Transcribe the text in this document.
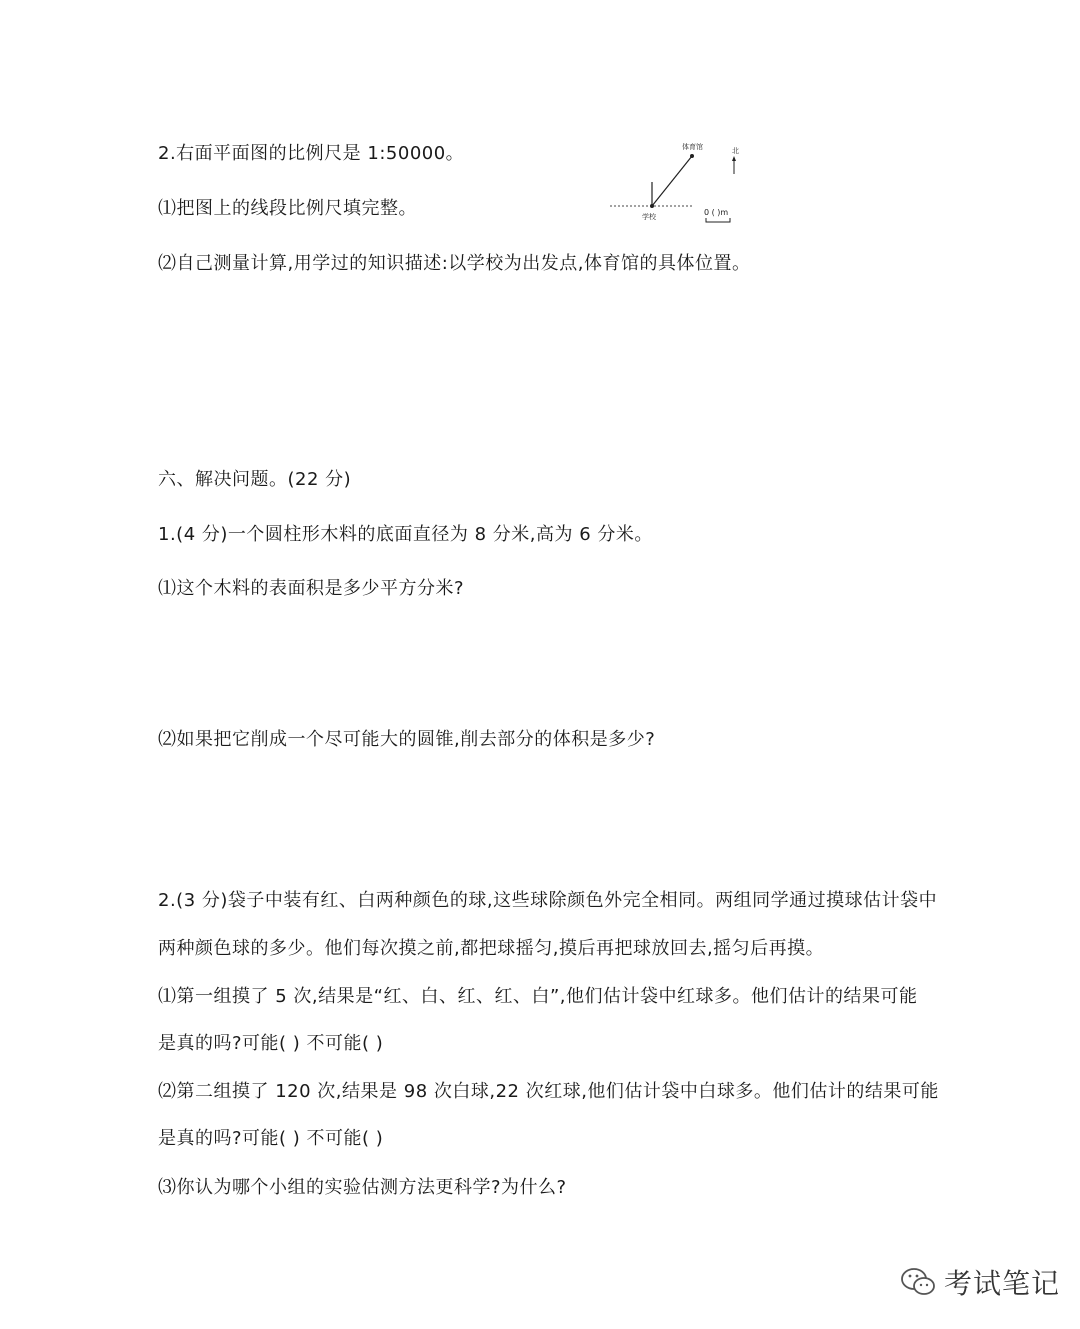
2.右面平面图的比例尺是 1:50000。
⑴把图上的线段比例尺填完整。
⑵自己测量计算,用学过的知识描述:以学校为出发点,体育馆的具体位置。
体育馆	北
学校	0 ( )m
六、解决问题。(22 分)
1.(4 分)一个圆柱形木料的底面直径为 8 分米,高为 6 分米。
⑴这个木料的表面积是多少平方分米?
⑵如果把它削成一个尽可能大的圆锥,削去部分的体积是多少?
2.(3 分)袋子中装有红、白两种颜色的球,这些球除颜色外完全相同。两组同学通过摸球估计袋中
两种颜色球的多少。他们每次摸之前,都把球摇匀,摸后再把球放回去,摇匀后再摸。
⑴第一组摸了 5 次,结果是“红、白、红、红、白”,他们估计袋中红球多。他们估计的结果可能
是真的吗?可能( ) 不可能( )
⑵第二组摸了 120 次,结果是 98 次白球,22 次红球,他们估计袋中白球多。他们估计的结果可能
是真的吗?可能( ) 不可能( )
⑶你认为哪个小组的实验估测方法更科学?为什么?
考试笔记
